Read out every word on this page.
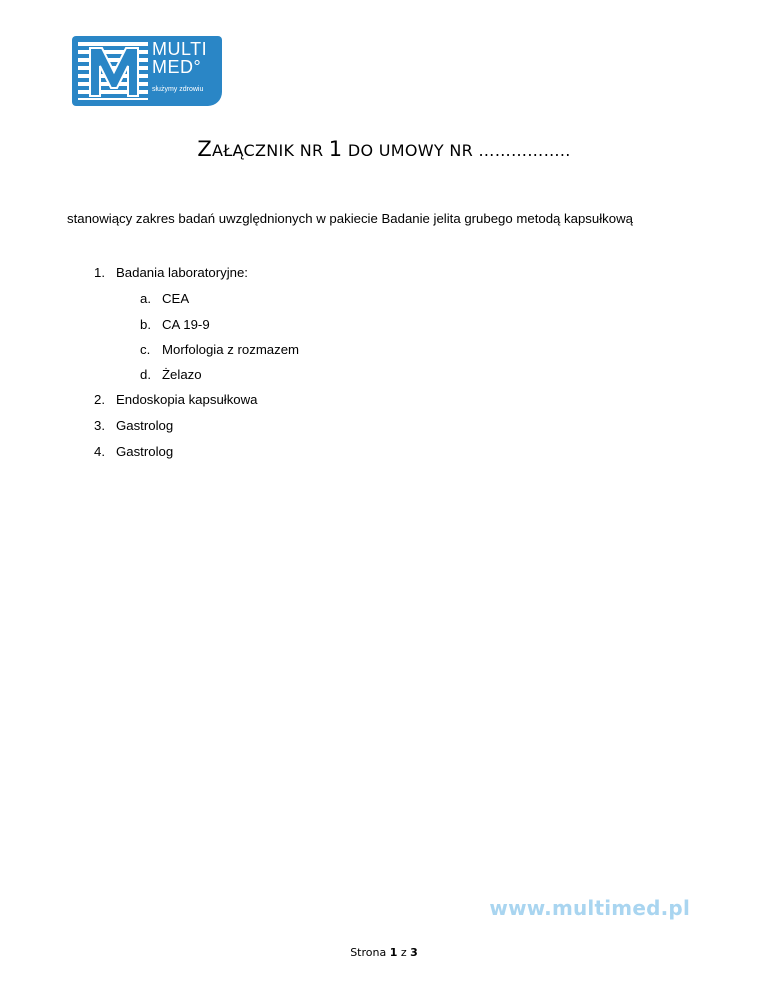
MULTI
MED°
służymy zdrowiu
ZAŁĄCZNIK NR 1 DO UMOWY NR ……………..
stanowiący zakres badań uwzględnionych w pakiecie Badanie jelita grubego metodą kapsułkową
1. Badania laboratoryjne:
a. CEA
b. CA 19-9
c. Morfologia z rozmazem
d. Żelazo
2. Endoskopia kapsułkowa
3. Gastrolog
4. Gastrolog
www.multimed.pl
Strona 1 z 3
